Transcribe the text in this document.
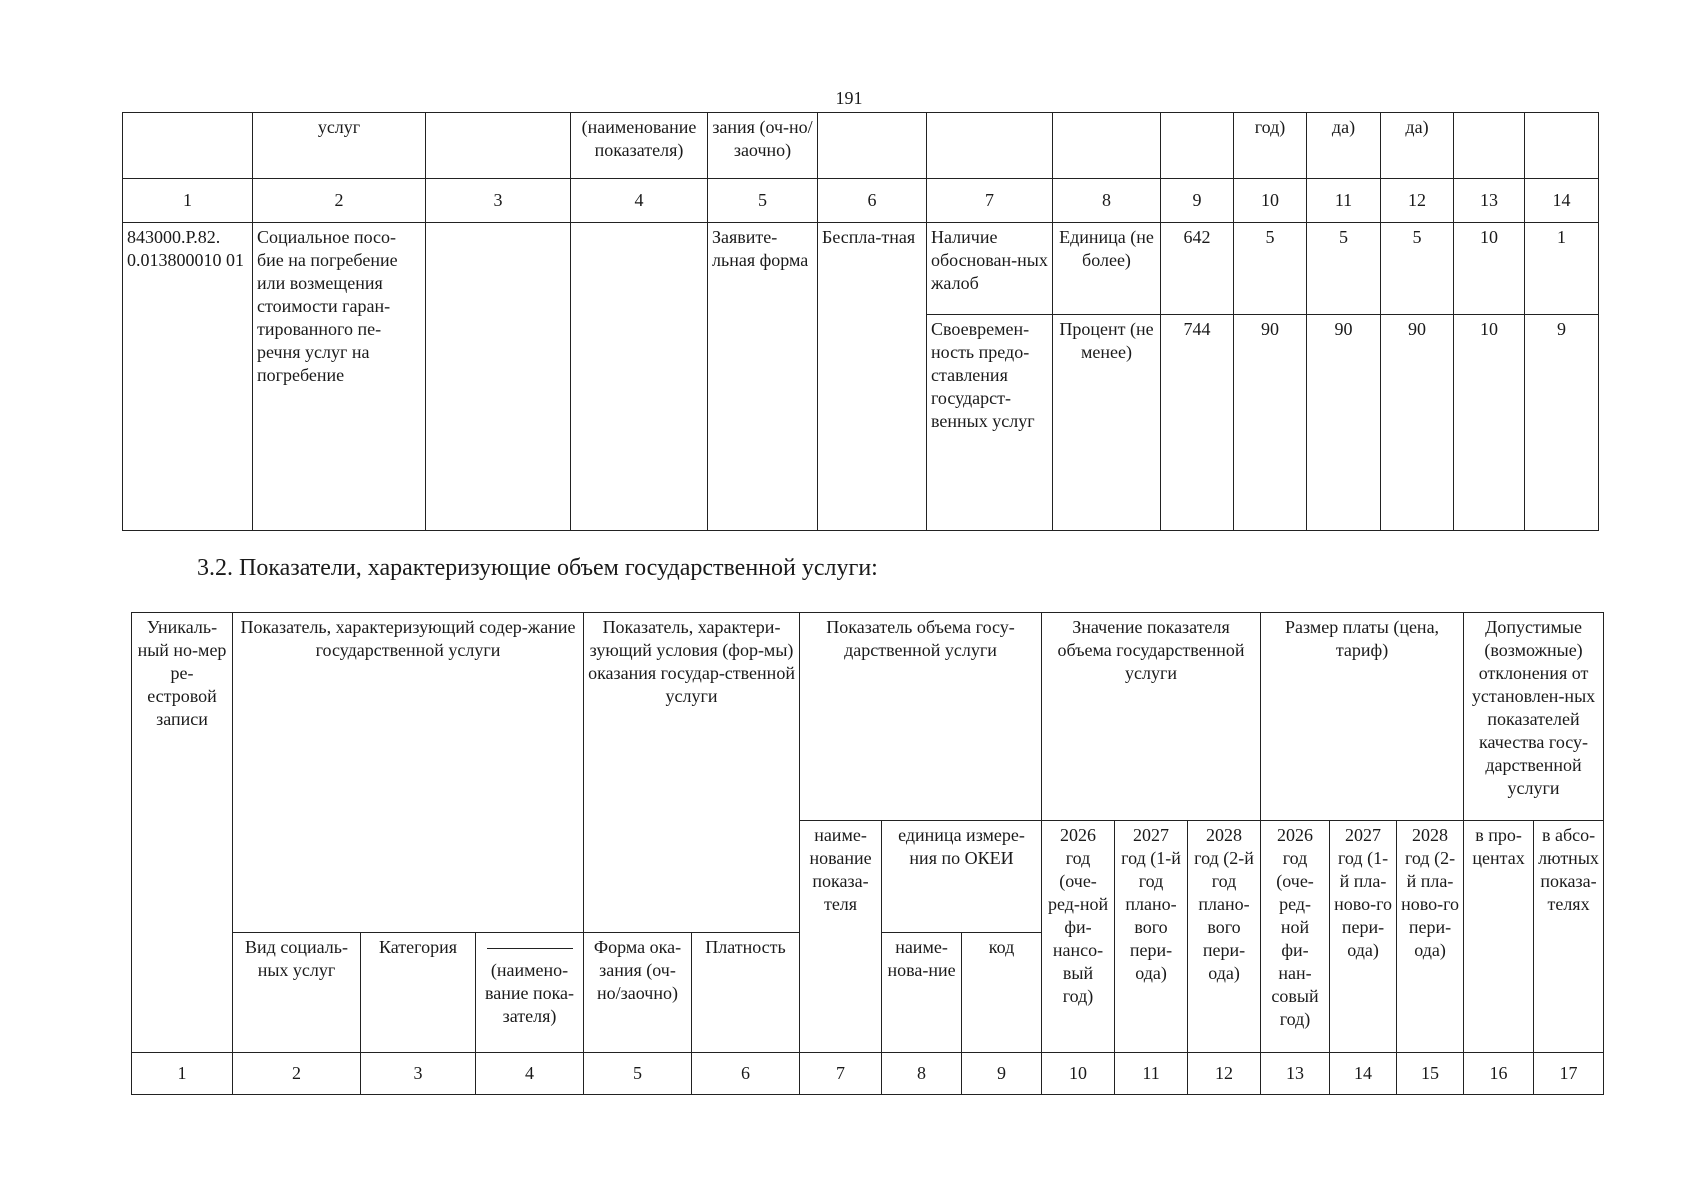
191
	услуг		(наименование показателя)	зания (оч-но/заочно)					год)	да)	да)		
1	2	3	4	5	6	7	8	9	10	11	12	13	14
843000.Р.82. 0.013800010 01	Социальное посо-бие на погребение или возмещения стоимости гаран-тированного пе-речня услуг на погребение			Заявите-льная форма	Беспла-тная	Наличие обоснован-ных жалоб	Единица (не более)	642	5	5	5	10	1
						Своевремен-ность предо-ставления государст-венных услуг	Процент (не менее)	744	90	90	90	10	9
3.2. Показатели, характеризующие объем государственной услуги:
Уникаль-ный но-мер ре-естровой записи	Показатель, характеризующий содер-жание государственной услуги			Показатель, характери-зующий условия (фор-мы) оказания государ-ственной услуги		Показатель объема госу-дарственной услуги			Значение показателя объема государственной услуги			Размер платы (цена, тариф)			Допустимые (возможные) отклонения от установлен-ных показателей качества госу-дарственной услуги	
						наиме-нование показа-теля	единица измере-ния по ОКЕИ		2026 год (оче-ред-ной фи-нансо-вый год)	2027 год (1-й год плано-вого пери-ода)	2028 год (2-й год плано-вого пери-ода)	2026 год (оче-ред-ной фи-нан-совый год)	2027 год (1-й пла-ново-го пери-ода)	2028 год (2-й пла-ново-го пери-ода)	в про-центах	в абсо-лютных показа-телях
	Вид социаль-ных услуг	Категория	(наимено-вание пока-зателя)	Форма ока-зания (оч-но/заочно)	Платность		наиме-нова-ние	код								
1	2	3	4	5	6	7	8	9	10	11	12	13	14	15	16	17
